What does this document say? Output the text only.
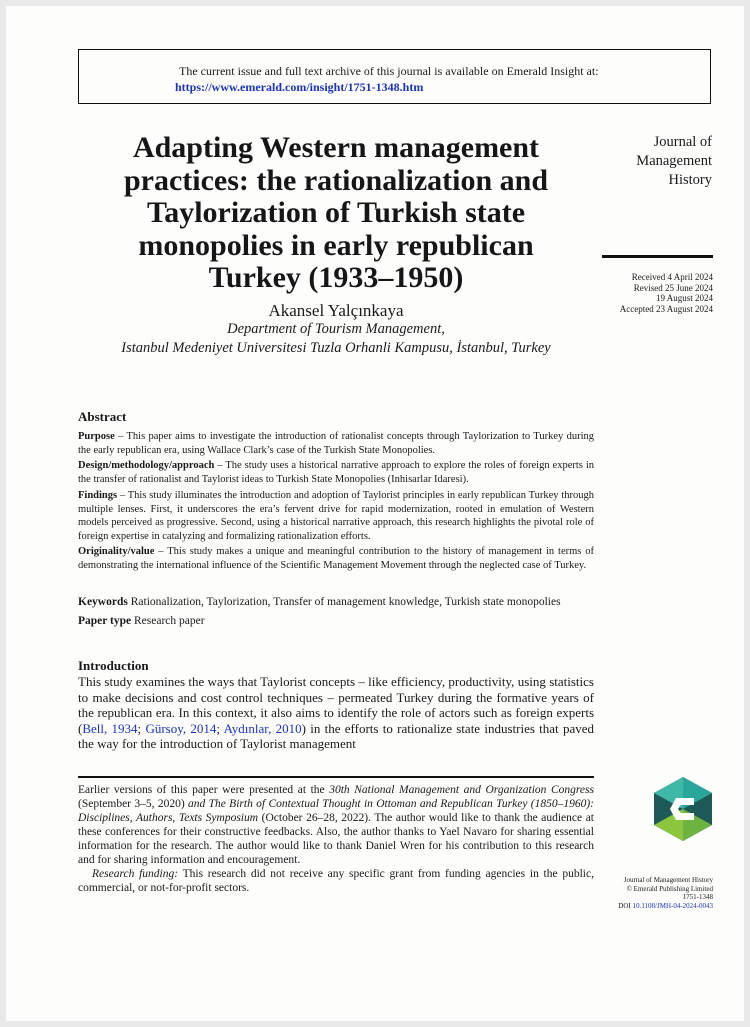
The current issue and full text archive of this journal is available on Emerald Insight at:
https://www.emerald.com/insight/1751-1348.htm
Adapting Western management
practices: the rationalization and
Taylorization of Turkish state
monopolies in early republican
Turkey (1933–1950)
Akansel Yalçınkaya
Department of Tourism Management,
Istanbul Medeniyet Universitesi Tuzla Orhanli Kampusu, İstanbul, Turkey
Journal of
Management
History
Received 4 April 2024
Revised 25 June 2024
19 August 2024
Accepted 23 August 2024
Abstract
Purpose – This paper aims to investigate the introduction of rationalist concepts through Taylorization to Turkey during the early republican era, using Wallace Clark’s case of the Turkish State Monopolies.
Design/methodology/approach – The study uses a historical narrative approach to explore the roles of foreign experts in the transfer of rationalist and Taylorist ideas to Turkish State Monopolies (Inhisarlar Idaresi).
Findings – This study illuminates the introduction and adoption of Taylorist principles in early republican Turkey through multiple lenses. First, it underscores the era’s fervent drive for rapid modernization, rooted in emulation of Western models perceived as progressive. Second, using a historical narrative approach, this research highlights the pivotal role of foreign expertise in catalyzing and formalizing rationalization efforts.
Originality/value – This study makes a unique and meaningful contribution to the history of management in terms of demonstrating the international influence of the Scientific Management Movement through the neglected case of Turkey.
Keywords Rationalization, Taylorization, Transfer of management knowledge, Turkish state monopolies
Paper type Research paper
Introduction
This study examines the ways that Taylorist concepts – like efficiency, productivity, using statistics to make decisions and cost control techniques – permeated Turkey during the formative years of the republican era. In this context, it also aims to identify the role of actors such as foreign experts (Bell, 1934; Gürsoy, 2014; Aydınlar, 2010) in the efforts to rationalize state industries that paved the way for the introduction of Taylorist management

Earlier versions of this paper were presented at the 30th National Management and Organization Congress (September 3–5, 2020) and The Birth of Contextual Thought in Ottoman and Republican Turkey (1850–1960): Disciplines, Authors, Texts Symposium (October 26–28, 2022). The author would like to thank the audience at these conferences for their constructive feedbacks. Also, the author thanks to Yael Navaro for sharing essential information for the research. The author would like to thank Daniel Wren for his contribution to this research and for sharing information and encouragement.

Research funding: This research did not receive any specific grant from funding agencies in the public, commercial, or not-for-profit sectors.

Journal of Management History
© Emerald Publishing Limited
1751-1348
DOI 10.1108/JMH-04-2024-0043
